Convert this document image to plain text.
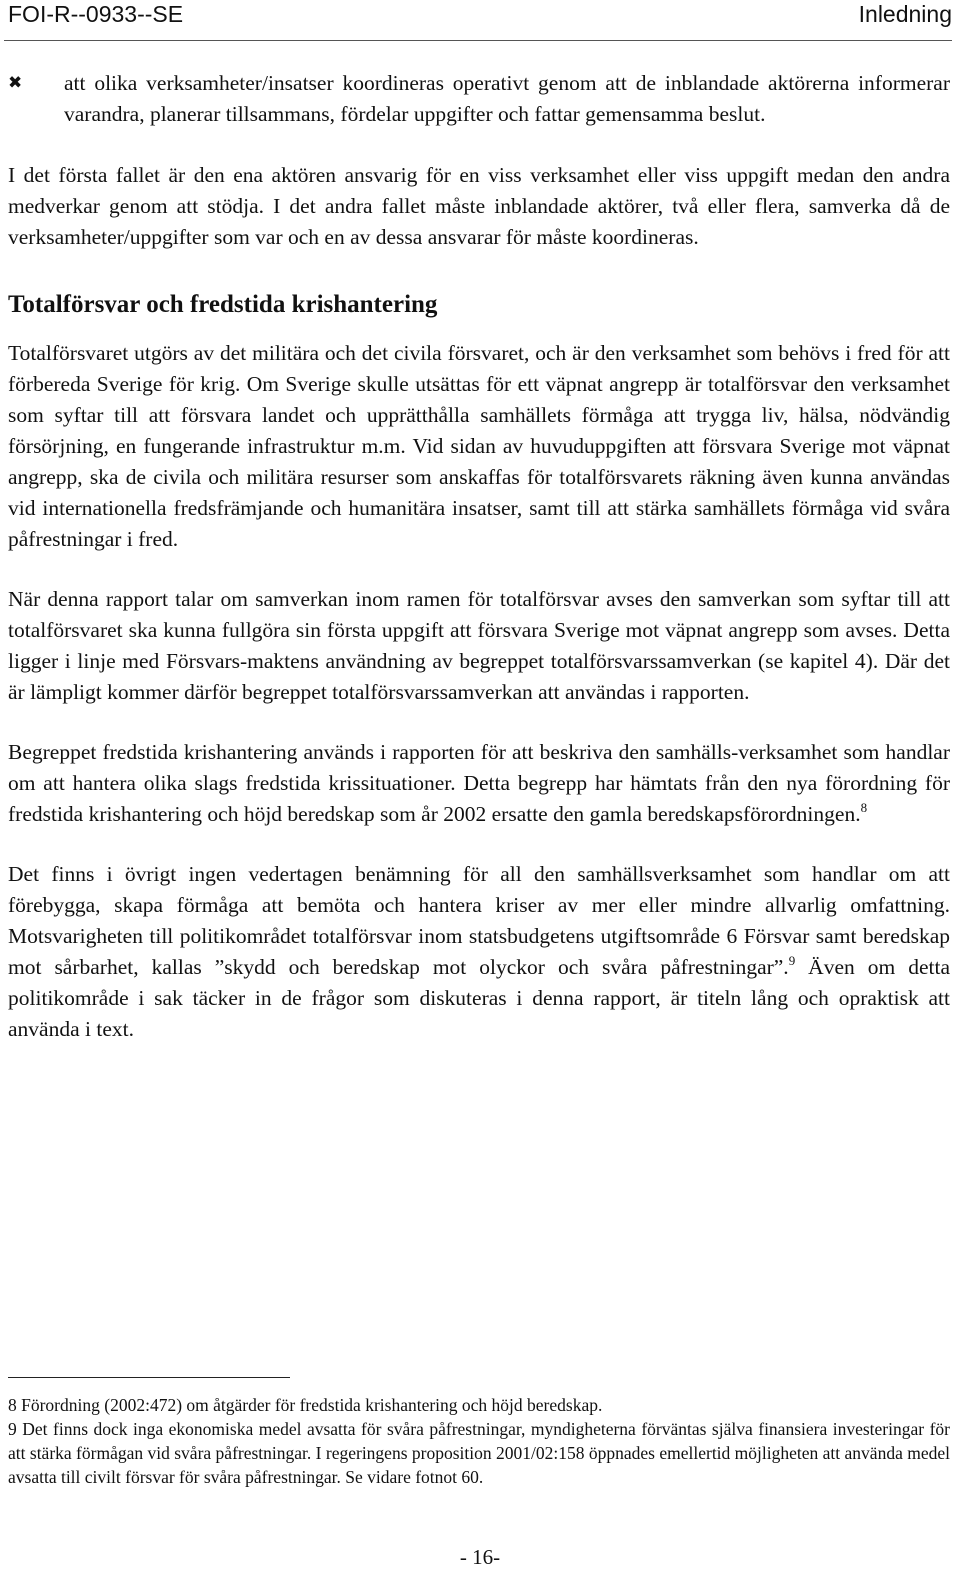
FOI-R--0933--SE	Inledning
✖ att olika verksamheter/insatser koordineras operativt genom att de inblandade aktörerna informerar varandra, planerar tillsammans, fördelar uppgifter och fattar gemensamma beslut.

I det första fallet är den ena aktören ansvarig för en viss verksamhet eller viss uppgift medan den andra medverkar genom att stödja. I det andra fallet måste inblandade aktörer, två eller flera, samverka då de verksamheter/uppgifter som var och en av dessa ansvarar för måste koordineras.

Totalförsvar och fredstida krishantering

Totalförsvaret utgörs av det militära och det civila försvaret, och är den verksamhet som behövs i fred för att förbereda Sverige för krig. Om Sverige skulle utsättas för ett väpnat angrepp är totalförsvar den verksamhet som syftar till att försvara landet och upprätthålla samhällets förmåga att trygga liv, hälsa, nödvändig försörjning, en fungerande infrastruktur m.m. Vid sidan av huvuduppgiften att försvara Sverige mot väpnat angrepp, ska de civila och militära resurser som anskaffas för totalförsvarets räkning även kunna användas vid internationella fredsfrämjande och humanitära insatser, samt till att stärka samhällets förmåga vid svåra påfrestningar i fred.

När denna rapport talar om samverkan inom ramen för totalförsvar avses den samverkan som syftar till att totalförsvaret ska kunna fullgöra sin första uppgift att försvara Sverige mot väpnat angrepp som avses. Detta ligger i linje med Försvars-maktens användning av begreppet totalförsvarssamverkan (se kapitel 4). Där det är lämpligt kommer därför begreppet totalförsvarssamverkan att användas i rapporten.

Begreppet fredstida krishantering används i rapporten för att beskriva den samhälls-verksamhet som handlar om att hantera olika slags fredstida krissituationer. Detta begrepp har hämtats från den nya förordning för fredstida krishantering och höjd beredskap som år 2002 ersatte den gamla beredskapsförordningen.$^8$

Det finns i övrigt ingen vedertagen benämning för all den samhällsverksamhet som handlar om att förebygga, skapa förmåga att bemöta och hantera kriser av mer eller mindre allvarlig omfattning. Motsvarigheten till politikområdet totalförsvar inom statsbudgetens utgiftsområde 6 Försvar samt beredskap mot sårbarhet, kallas ”skydd och beredskap mot olyckor och svåra påfrestningar”.$^9$ Även om detta politikområde i sak täcker in de frågor som diskuteras i denna rapport, är titeln lång och opraktisk att använda i text.

8 Förordning (2002:472) om åtgärder för fredstida krishantering och höjd beredskap.

9 Det finns dock inga ekonomiska medel avsatta för svåra påfrestningar, myndigheterna förväntas själva finansiera investeringar för att stärka förmågan vid svåra påfrestningar. I regeringens proposition 2001/02:158 öppnades emellertid möjligheten att använda medel avsatta till civilt försvar för svåra påfrestningar. Se vidare fotnot 60.

- 16-
